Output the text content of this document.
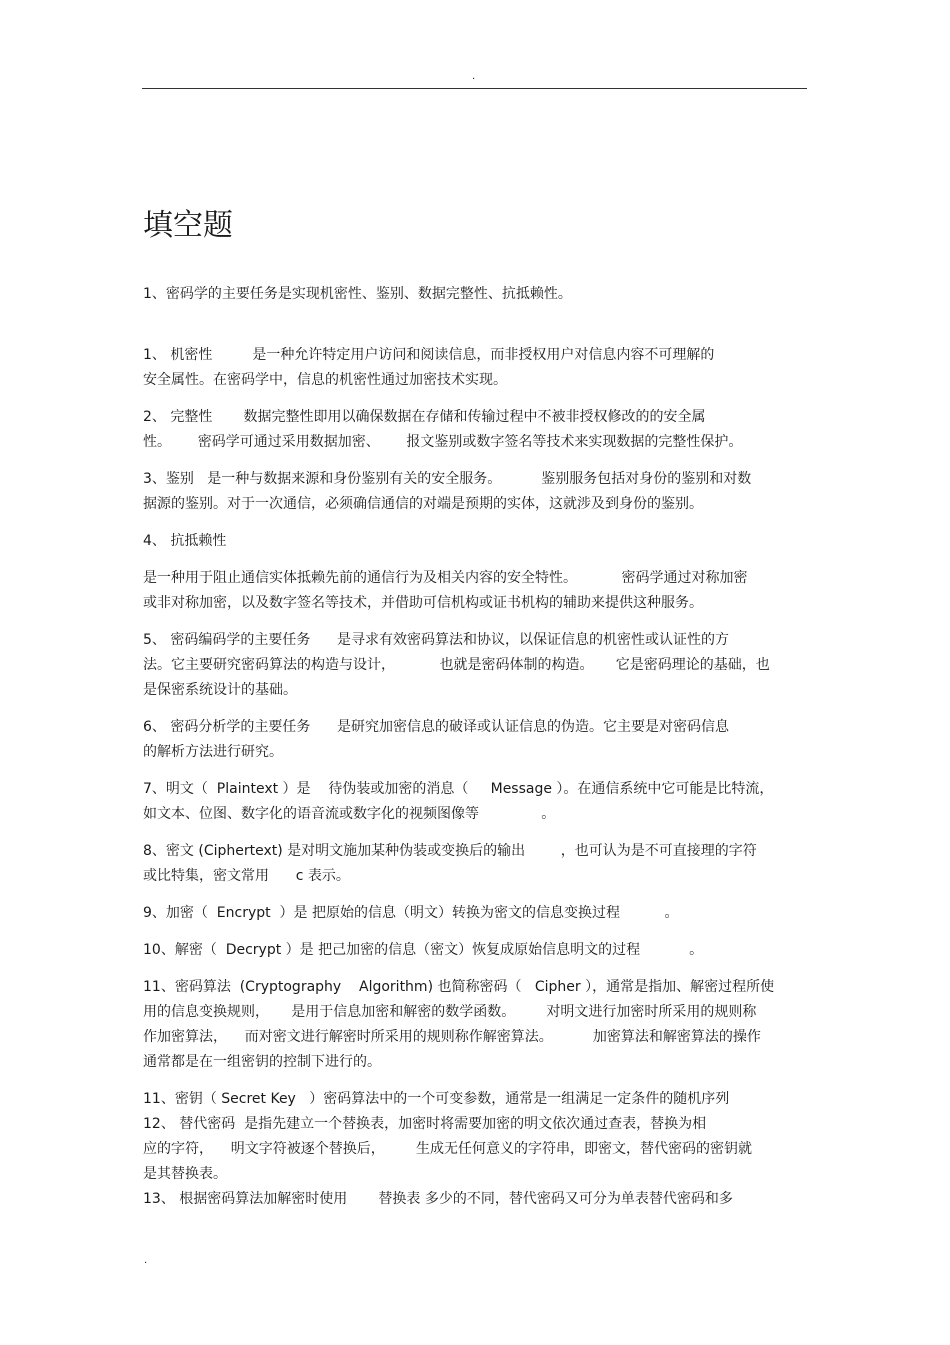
.
填空题

1、密码学的主要任务是实现机密性、鉴别、数据完整性、抗抵赖性。

1、 机密性         是一种允许特定用户访问和阅读信息，而非授权用户对信息内容不可理解的

安全属性。在密码学中，信息的机密性通过加密技术实现。

2、 完整性       数据完整性即用以确保数据在存储和传输过程中不被非授权修改的的安全属

性。      密码学可通过采用数据加密、      报文鉴别或数字签名等技术来实现数据的完整性保护。

3、鉴别   是一种与数据来源和身份鉴别有关的安全服务。         鉴别服务包括对身份的鉴别和对数

据源的鉴别。对于一次通信，必须确信通信的对端是预期的实体，这就涉及到身份的鉴别。

4、 抗抵赖性

是一种用于阻止通信实体抵赖先前的通信行为及相关内容的安全特性。          密码学通过对称加密

或非对称加密，以及数字签名等技术，并借助可信机构或证书机构的辅助来提供这种服务。

5、 密码编码学的主要任务      是寻求有效密码算法和协议，以保证信息的机密性或认证性的方

法。它主要研究密码算法的构造与设计，          也就是密码体制的构造。     它是密码理论的基础，也

是保密系统设计的基础。

6、 密码分析学的主要任务      是研究加密信息的破译或认证信息的伪造。它主要是对密码信息

的解析方法进行研究。

7、明文（  Plaintext ）是    待伪装或加密的消息（     Message ）。在通信系统中它可能是比特流，

如文本、位图、数字化的语音流或数字化的视频图像等              。

8、密文 (Ciphertext) 是对明文施加某种伪装或变换后的输出        ，也可认为是不可直接理的字符

或比特集，密文常用      c 表示。

9、加密（  Encrypt  ）是 把原始的信息（明文）转换为密文的信息变换过程          。

10、解密（  Decrypt ）是 把己加密的信息（密文）恢复成原始信息明文的过程           。

11、密码算法  (Cryptography    Algorithm) 也简称密码（   Cipher ），通常是指加、解密过程所使

用的信息变换规则，     是用于信息加密和解密的数学函数。       对明文进行加密时所采用的规则称

作加密算法，    而对密文进行解密时所采用的规则称作解密算法。         加密算法和解密算法的操作

通常都是在一组密钥的控制下进行的。

11、密钥（ Secret Key   ）密码算法中的一个可变参数，通常是一组满足一定条件的随机序列

12、 替代密码  是指先建立一个替换表，加密时将需要加密的明文依次通过查表，替换为相

应的字符，    明文字符被逐个替换后，       生成无任何意义的字符串，即密文，替代密码的密钥就

是其替换表。

13、 根据密码算法加解密时使用       替换表 多少的不同，替代密码又可分为单表替代密码和多

.
